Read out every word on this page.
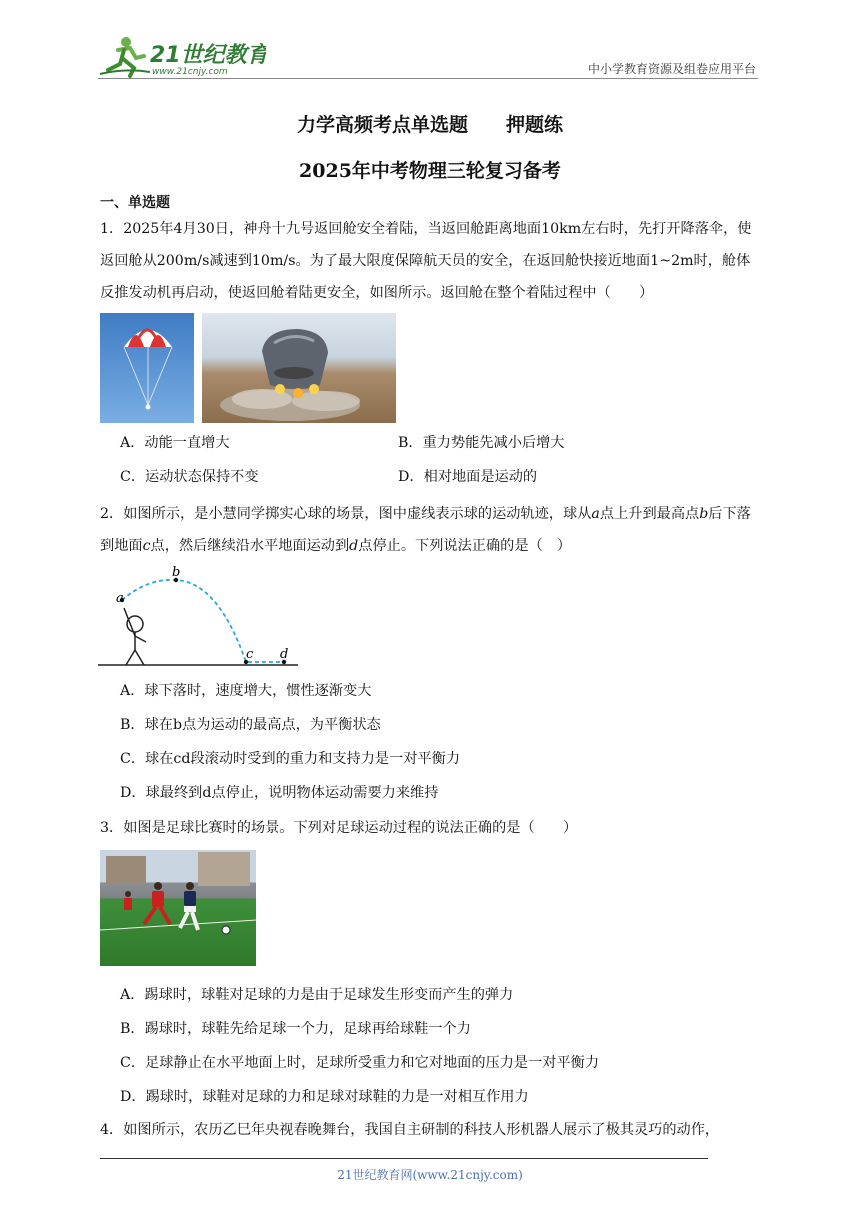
21世纪教育
www.21cnjy.com	中小学教育资源及组卷应用平台
力学高频考点单选题　　押题练
2025年中考物理三轮复习备考
一、单选题
1．2025年4月30日，神舟十九号返回舱安全着陆，当返回舱距离地面10km左右时，先打开降落伞，使返回舱从200m/s减速到10m/s。为了最大限度保障航天员的安全，在返回舱快接近地面1~2m时，舱体反推发动机再启动，使返回舱着陆更安全，如图所示。返回舱在整个着陆过程中（　　）
A．动能一直增大	B．重力势能先减小后增大
C．运动状态保持不变	D．相对地面是运动的
2．如图所示，是小慧同学掷实心球的场景，图中虚线表示球的运动轨迹，球从a点上升到最高点b后下落到地面c点，然后继续沿水平地面运动到d点停止。下列说法正确的是（　）
a
b
c d
A．球下落时，速度增大，惯性逐渐变大
B．球在b点为运动的最高点，为平衡状态
C．球在cd段滚动时受到的重力和支持力是一对平衡力
D．球最终到d点停止，说明物体运动需要力来维持
3．如图是足球比赛时的场景。下列对足球运动过程的说法正确的是（　　）
A．踢球时，球鞋对足球的力是由于足球发生形变而产生的弹力
B．踢球时，球鞋先给足球一个力，足球再给球鞋一个力
C．足球静止在水平地面上时，足球所受重力和它对地面的压力是一对平衡力
D．踢球时，球鞋对足球的力和足球对球鞋的力是一对相互作用力
4．如图所示，农历乙巳年央视春晚舞台，我国自主研制的科技人形机器人展示了极其灵巧的动作，
21世纪教育网(www.21cnjy.com)
